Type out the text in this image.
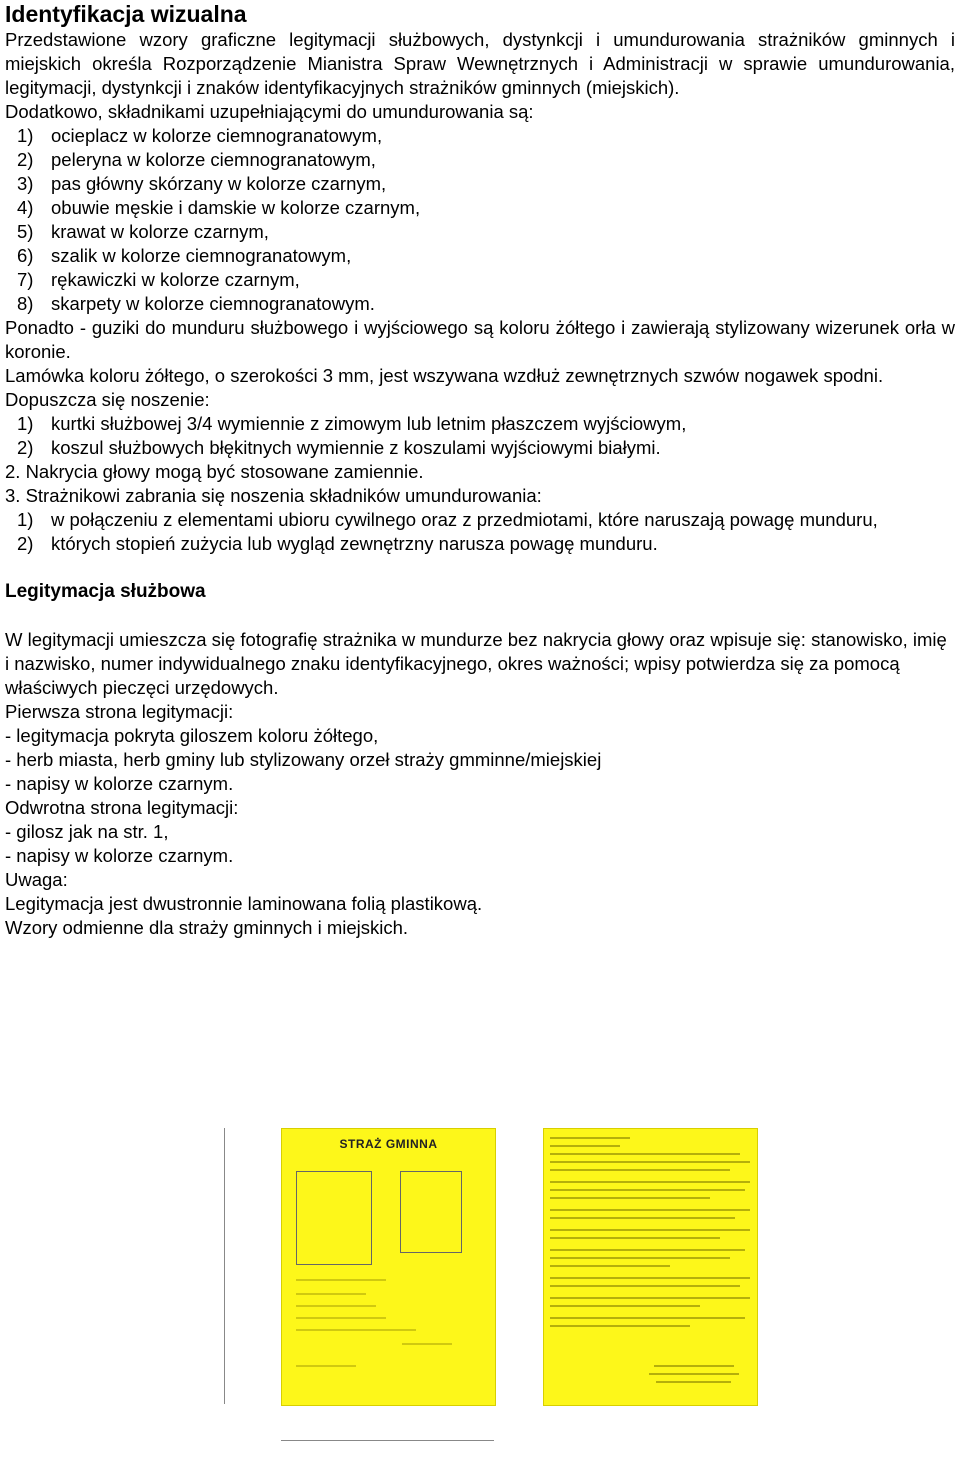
Identyfikacja wizualna

Przedstawione wzory graficzne legitymacji służbowych, dystynkcji i umundurowania strażników gminnych i miejskich określa Rozporządzenie Mianistra Spraw Wewnętrznych i Administracji w sprawie umundurowania, legitymacji, dystynkcji i znaków identyfikacyjnych strażników gminnych (miejskich).

Dodatkowo, składnikami uzupełniającymi do umundurowania są:

1) ocieplacz w kolorze ciemnogranatowym,

2) peleryna w kolorze ciemnogranatowym,

3) pas główny skórzany w kolorze czarnym,

4) obuwie męskie i damskie w kolorze czarnym,

5) krawat w kolorze czarnym,

6) szalik w kolorze ciemnogranatowym,

7) rękawiczki w kolorze czarnym,

8) skarpety w kolorze ciemnogranatowym.

Ponadto - guziki do munduru służbowego i wyjściowego są koloru żółtego i zawierają stylizowany wizerunek orła w koronie.

Lamówka koloru żółtego, o szerokości 3 mm, jest wszywana wzdłuż zewnętrznych szwów nogawek spodni.

Dopuszcza się noszenie:

1) kurtki służbowej 3/4 wymiennie z zimowym lub letnim płaszczem wyjściowym,

2) koszul służbowych błękitnych wymiennie z koszulami wyjściowymi białymi.

2. Nakrycia głowy mogą być stosowane zamiennie.

3. Strażnikowi zabrania się noszenia składników umundurowania:

1) w połączeniu z elementami ubioru cywilnego oraz z przedmiotami, które naruszają powagę munduru,

2) których stopień zużycia lub wygląd zewnętrzny narusza powagę munduru.

Legitymacja służbowa

W legitymacji umieszcza się fotografię strażnika w mundurze bez nakrycia głowy oraz wpisuje się: stanowisko, imię i nazwisko, numer indywidualnego znaku identyfikacyjnego, okres ważności; wpisy potwierdza się za pomocą właściwych pieczęci urzędowych.

Pierwsza strona legitymacji:

- legitymacja pokryta giloszem koloru żółtego,

- herb miasta, herb gminy lub stylizowany orzeł straży gmminne/miejskiej

- napisy w kolorze czarnym.

Odwrotna strona legitymacji:

- gilosz jak na str. 1,

- napisy w kolorze czarnym.

Uwaga:

Legitymacja jest dwustronnie laminowana folią plastikową.

Wzory odmienne dla straży gminnych i miejskich.

STRAŻ GMINNA
